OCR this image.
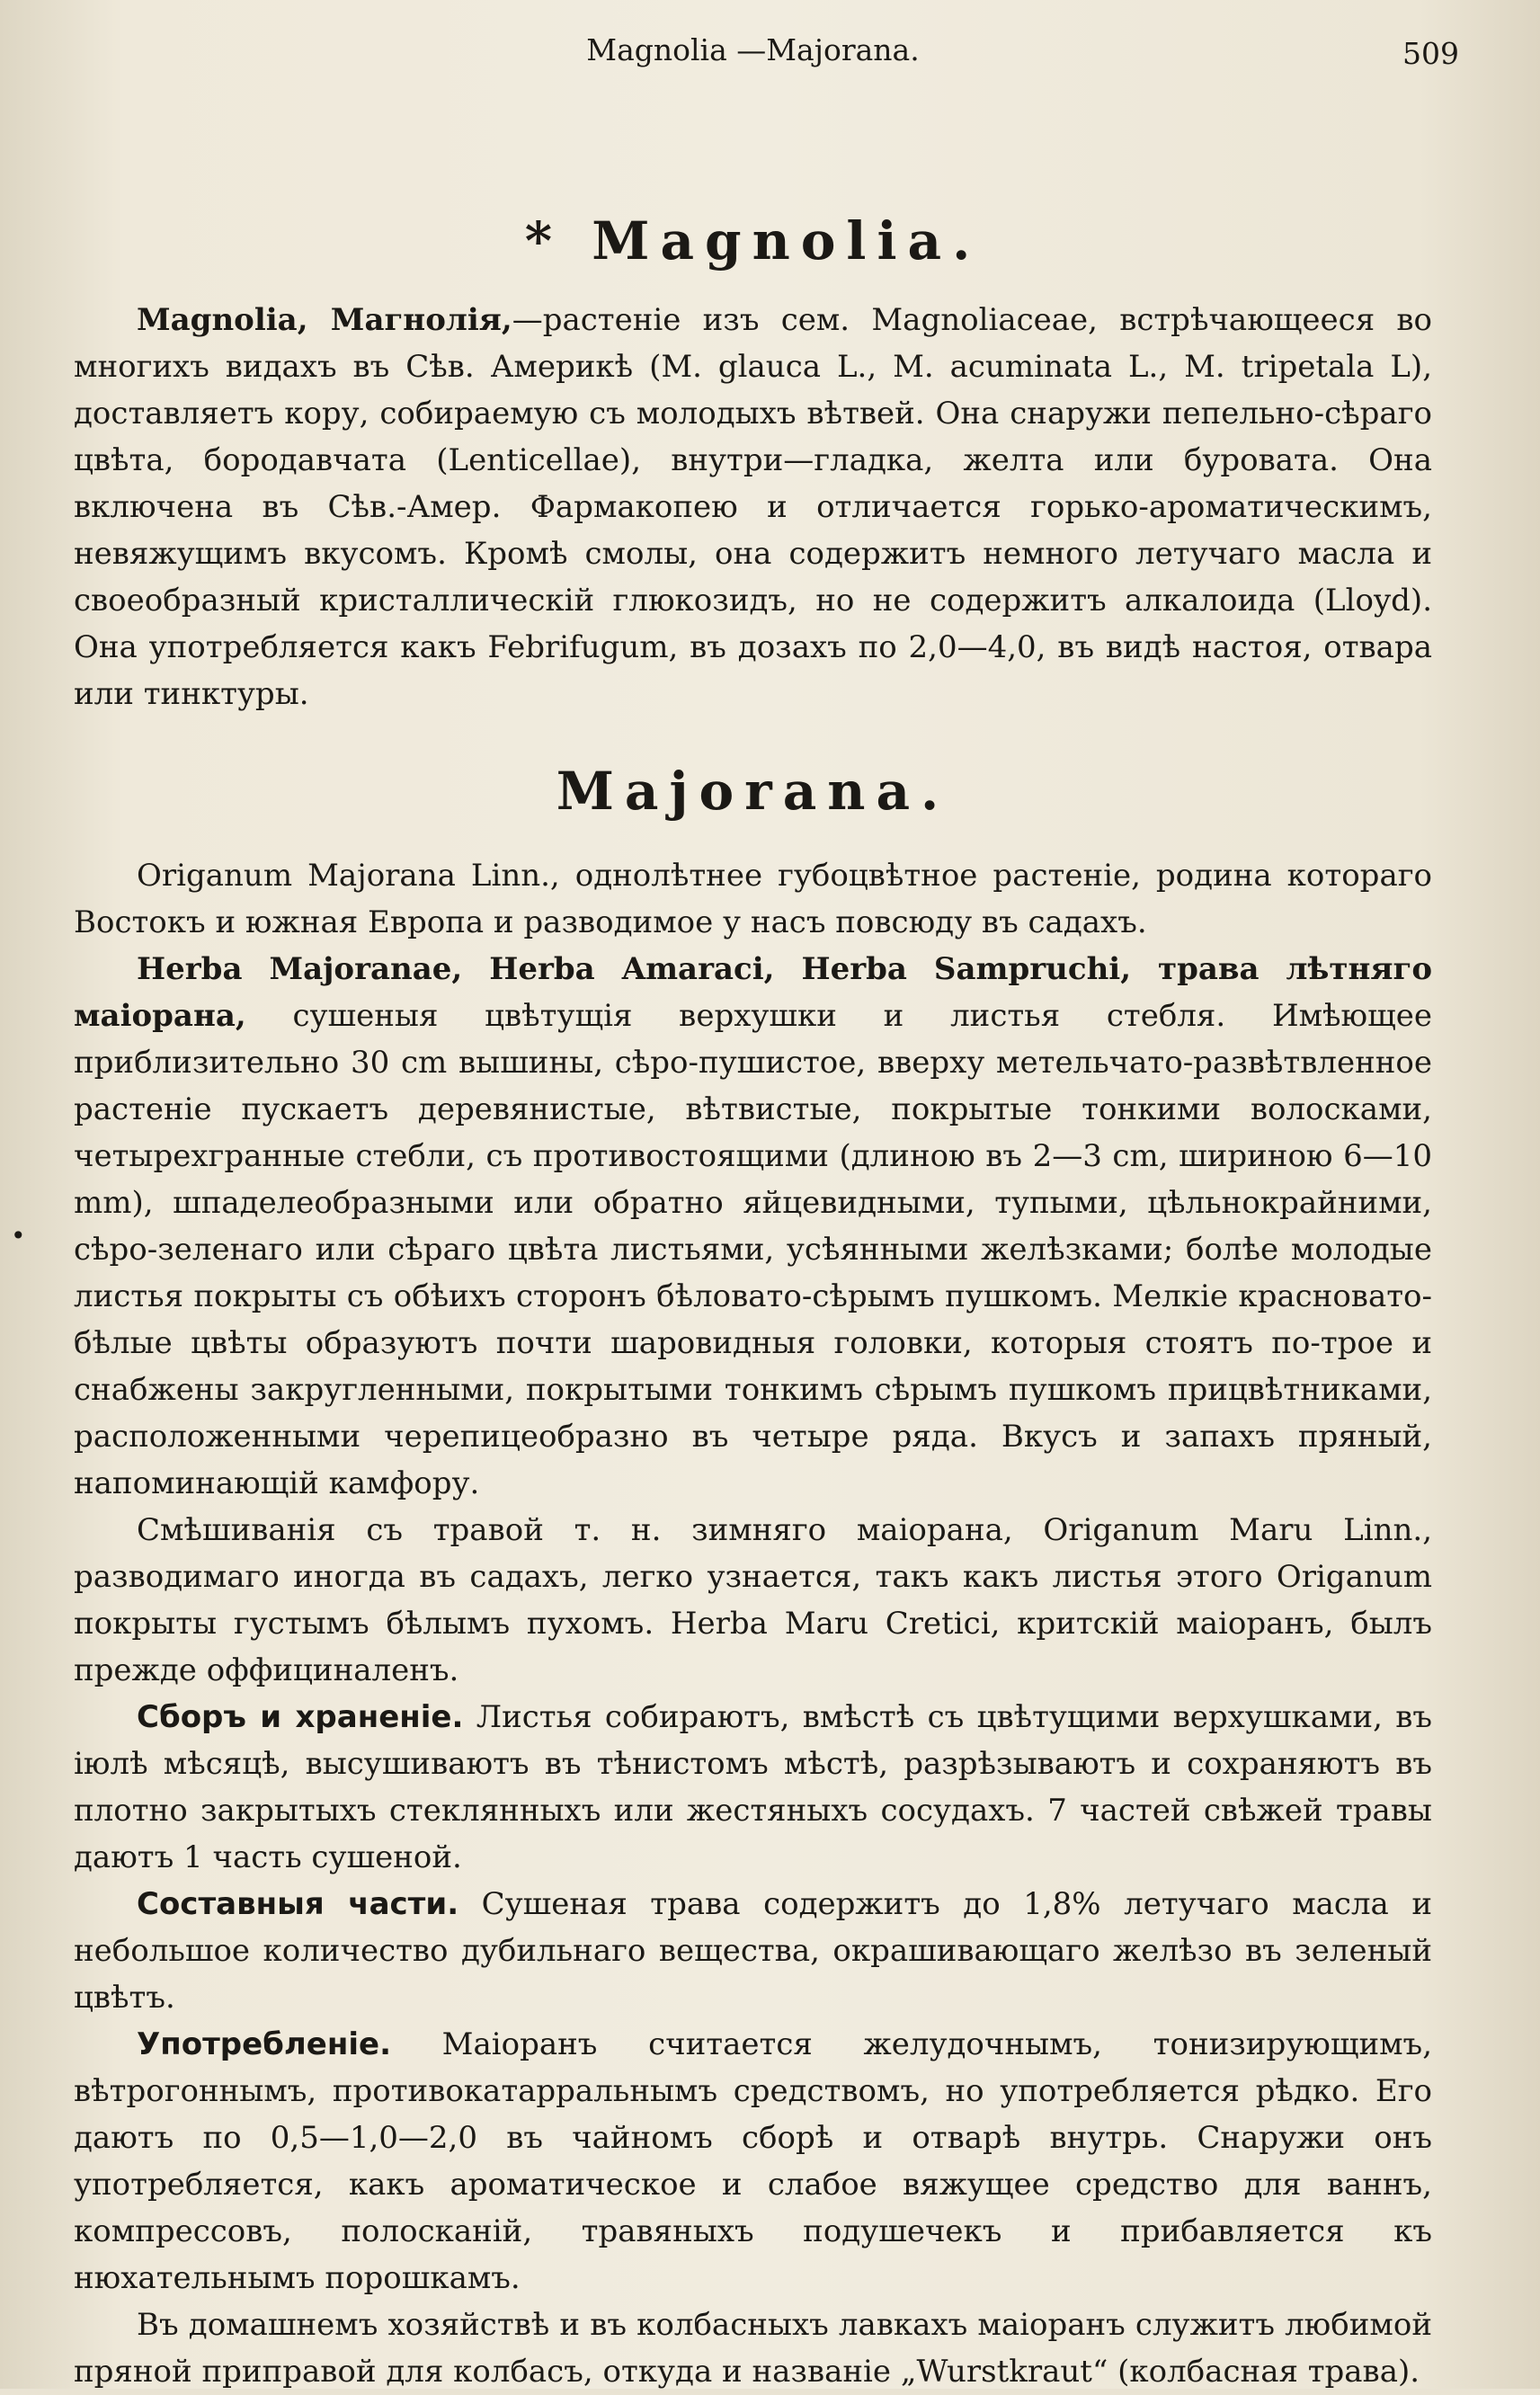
Magnolia —Majorana.	509
•
* Magnolia.

Magnolia, Магнолія,—растеніе изъ сем. Magnoliaceae, встрѣчающееся во многихъ видахъ въ Сѣв. Америкѣ (M. glauca L., M. acuminata L., M. tripetala L), доставляетъ кору, собираемую съ молодыхъ вѣтвей. Она снаружи пепельно-сѣраго цвѣта, бородавчата (Lenticellae), внутри—гладка, желта или буровата. Она включена въ Сѣв.-Амер. Фармакопею и отличается горько-ароматическимъ, невяжущимъ вкусомъ. Кромѣ смолы, она содержитъ немного летучаго масла и своеобразный кристаллическій глюкозидъ, но не содержитъ алкалоида (Lloyd). Она употребляется какъ Febrifugum, въ дозахъ по 2,0—4,0, въ видѣ настоя, отвара или тинктуры.

Majorana.

Origanum Majorana Linn., однолѣтнее губоцвѣтное растеніе, родина котораго Востокъ и южная Европа и разводимое у насъ повсюду въ садахъ.

Herba Majoranae, Herba Amaraci, Herba Sampruchi, трава лѣтняго маіорана, сушеныя цвѣтущія верхушки и листья стебля. Имѣющее приблизительно 30 cm вышины, сѣро-пушистое, вверху метельчато-развѣтвленное растеніе пускаетъ деревянистые, вѣтвистые, покрытые тонкими волосками, четырехгранные стебли, съ противостоящими (длиною въ 2—3 cm, шириною 6—10 mm), шпаделеобразными или обратно яйцевидными, тупыми, цѣльнокрайними, сѣро-зеленаго или сѣраго цвѣта листьями, усѣянными желѣзками; болѣе молодые листья покрыты съ обѣихъ сторонъ бѣловато-сѣрымъ пушкомъ. Мелкіе красновато-бѣлые цвѣты образуютъ почти шаровидныя головки, которыя стоятъ по-трое и снабжены закругленными, покрытыми тонкимъ сѣрымъ пушкомъ прицвѣтниками, расположенными черепицеобразно въ четыре ряда. Вкусъ и запахъ пряный, напоминающій камфору.

Смѣшиванія съ травой т. н. зимняго маіорана, Origanum Maru Linn., разводимаго иногда въ садахъ, легко узнается, такъ какъ листья этого Origanum покрыты густымъ бѣлымъ пухомъ. Herba Maru Cretici, критскій маіоранъ, былъ прежде оффициналенъ.

Сборъ и храненіе. Листья собираютъ, вмѣстѣ съ цвѣтущими верхушками, въ іюлѣ мѣсяцѣ, высушиваютъ въ тѣнистомъ мѣстѣ, разрѣзываютъ и сохраняютъ въ плотно закрытыхъ стеклянныхъ или жестяныхъ сосудахъ. 7 частей свѣжей травы даютъ 1 часть сушеной.

Составныя части. Сушеная трава содержитъ до 1,8% летучаго масла и небольшое количество дубильнаго вещества, окрашивающаго желѣзо въ зеленый цвѣтъ.

Употребленіе. Маіоранъ считается желудочнымъ, тонизирующимъ, вѣтрогоннымъ, противокатарральнымъ средствомъ, но употребляется рѣдко. Его даютъ по 0,5—1,0—2,0 въ чайномъ сборѣ и отварѣ внутрь. Снаружи онъ употребляется, какъ ароматическое и слабое вяжущее средство для ваннъ, компрессовъ, полосканій, травяныхъ подушечекъ и прибавляется къ нюхательнымъ порошкамъ.

Въ домашнемъ хозяйствѣ и въ колбасныхъ лавкахъ маіоранъ служитъ любимой пряной приправой для колбасъ, откуда и названіе „Wurstkraut“ (колбасная трава).
